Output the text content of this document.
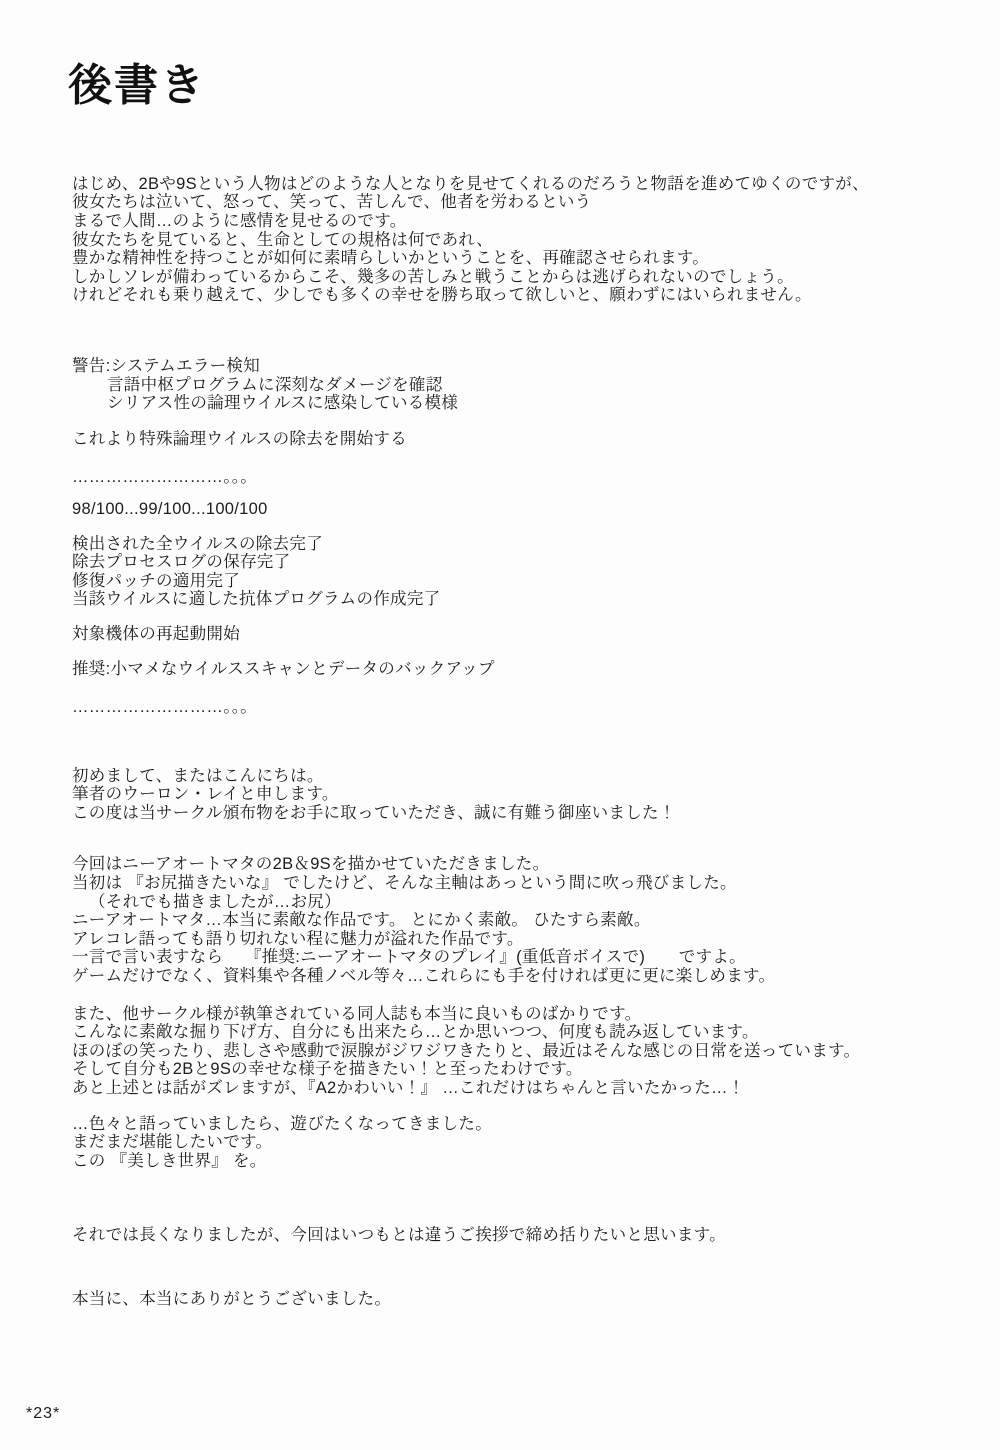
後書き

はじめ、2Bや9Sという人物はどのような人となりを見せてくれるのだろうと物語を進めてゆくのですが、

彼女たちは泣いて、怒って、笑って、苦しんで、他者を労わるという

まるで人間…のように感情を見せるのです。

彼女たちを見ていると、生命としての規格は何であれ、

豊かな精神性を持つことが如何に素晴らしいかということを、再確認させられます。

しかしソレが備わっているからこそ、幾多の苦しみと戦うことからは逃げられないのでしょう。

けれどそれも乗り越えて、少しでも多くの幸せを勝ち取って欲しいと、願わずにはいられません。

警告:システムエラー検知

言語中枢プログラムに深刻なダメージを確認

シリアス性の論理ウイルスに感染している模様

これより特殊論理ウイルスの除去を開始する

………………………。。。

98/100...99/100...100/100

検出された全ウイルスの除去完了

除去プロセスログの保存完了

修復パッチの適用完了

当該ウイルスに適した抗体プログラムの作成完了

対象機体の再起動開始

推奨:小マメなウイルススキャンとデータのバックアップ

………………………。。。

初めまして、またはこんにちは。

筆者のウーロン・レイと申します。

この度は当サークル頒布物をお手に取っていただき、誠に有難う御座いました！

今回はニーアオートマタの2B＆9Sを描かせていただきました。

当初は 『お尻描きたいな』 でしたけど、そんな主軸はあっという間に吹っ飛びました。

（それでも描きましたが…お尻）

ニーアオートマタ…本当に素敵な作品です。 とにかく素敵。 ひたすら素敵。

アレコレ語っても語り切れない程に魅力が溢れた作品です。

一言で言い表すなら　 『推奨:ニーアオートマタのプレイ』(重低音ボイスで)　　ですよ。

ゲームだけでなく、資料集や各種ノベル等々…これらにも手を付ければ更に更に楽しめます。

また、他サークル様が執筆されている同人誌も本当に良いものばかりです。

こんなに素敵な掘り下げ方、自分にも出来たら…とか思いつつ、何度も読み返しています。

ほのぼの笑ったり、悲しさや感動で涙腺がジワジワきたりと、最近はそんな感じの日常を送っています。

そして自分も2Bと9Sの幸せな様子を描きたい！と至ったわけです。

あと上述とは話がズレますが、『A2かわいい！』 …これだけはちゃんと言いたかった…！

…色々と語っていましたら、遊びたくなってきました。

まだまだ堪能したいです。

この 『美しき世界』 を。

それでは長くなりましたが、今回はいつもとは違うご挨拶で締め括りたいと思います。

本当に、本当にありがとうございました。

*23*
